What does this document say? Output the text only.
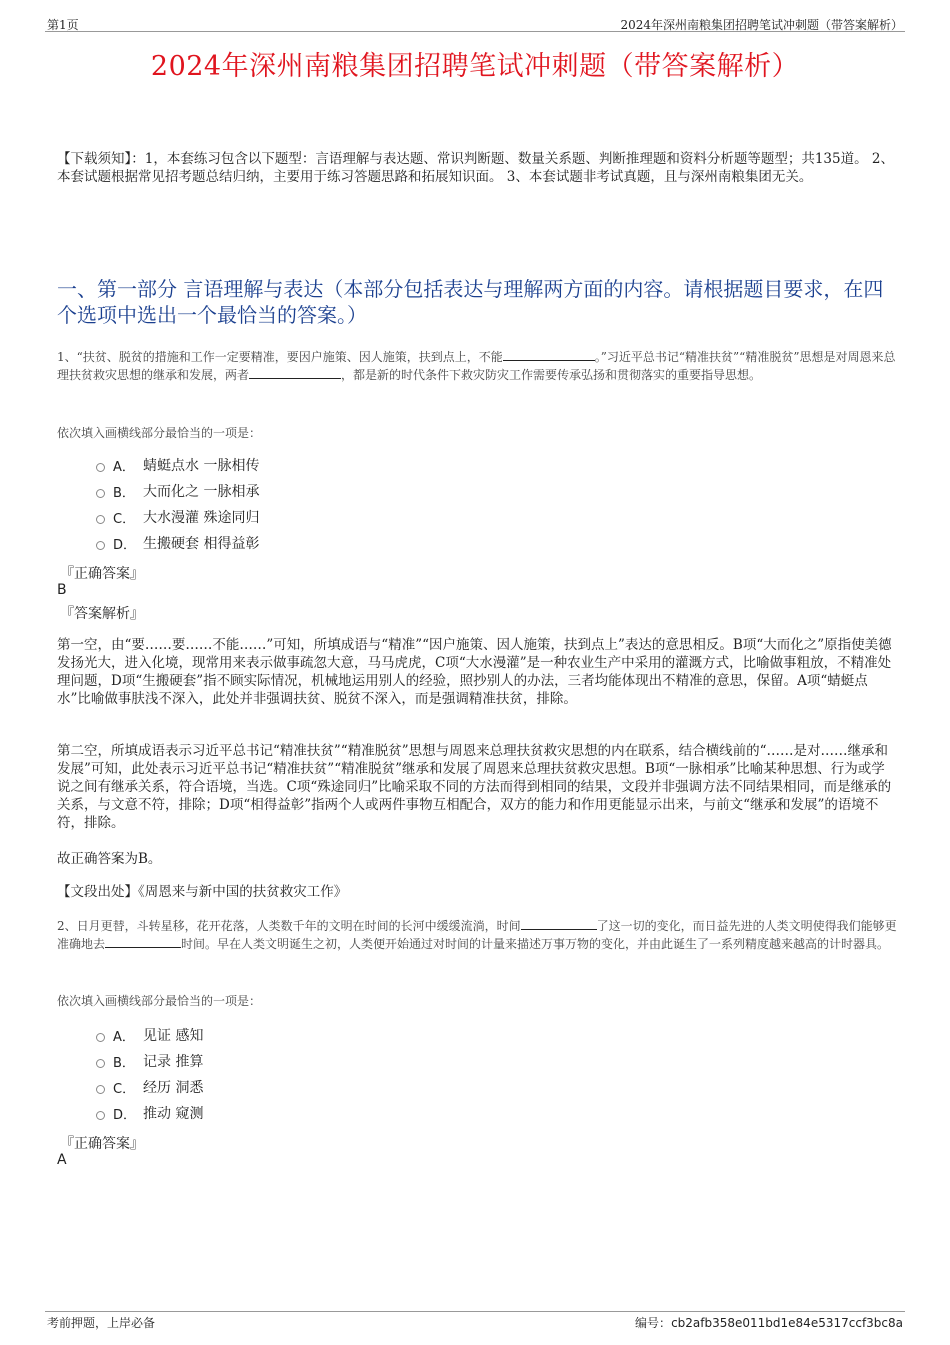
第1页	2024年深州南粮集团招聘笔试冲刺题（带答案解析）
2024年深州南粮集团招聘笔试冲刺题（带答案解析）
【下载须知】：1，本套练习包含以下题型：言语理解与表达题、常识判断题、数量关系题、判断推理题和资料分析题等题型；共135道。 2、本套试题根据常见招考题总结归纳，主要用于练习答题思路和拓展知识面。 3、本套试题非考试真题，且与深州南粮集团无关。
一、第一部分 言语理解与表达（本部分包括表达与理解两方面的内容。请根据题目要求，在四个选项中选出一个最恰当的答案。）
1、“扶贫、脱贫的措施和工作一定要精准，要因户施策、因人施策，扶到点上，不能	。”习近平总书记“精准扶贫”“精准脱贫”思想是对周恩来总理扶贫救灾思想的继承和发展，两者	，都是新的时代条件下救灾防灾工作需要传承弘扬和贯彻落实的重要指导思想。
依次填入画横线部分最恰当的一项是：
A． 蜻蜓点水 一脉相传
B． 大而化之 一脉相承
C． 大水漫灌 殊途同归
D． 生搬硬套 相得益彰
『正确答案』
B
『答案解析』
第一空，由“要……要……不能……”可知，所填成语与“精准”“因户施策、因人施策，扶到点上”表达的意思相反。B项“大而化之”原指使美德发扬光大，进入化境，现常用来表示做事疏忽大意，马马虎虎，C项“大水漫灌”是一种农业生产中采用的灌溉方式，比喻做事粗放，不精准处理问题，D项“生搬硬套”指不顾实际情况，机械地运用别人的经验，照抄别人的办法，三者均能体现出不精准的意思，保留。A项“蜻蜓点水”比喻做事肤浅不深入，此处并非强调扶贫、脱贫不深入，而是强调精准扶贫，排除。
第二空，所填成语表示习近平总书记“精准扶贫”“精准脱贫”思想与周恩来总理扶贫救灾思想的内在联系，结合横线前的“……是对……继承和发展”可知，此处表示习近平总书记“精准扶贫”“精准脱贫”继承和发展了周恩来总理扶贫救灾思想。B项“一脉相承”比喻某种思想、行为或学说之间有继承关系，符合语境，当选。C项“殊途同归”比喻采取不同的方法而得到相同的结果，文段并非强调方法不同结果相同，而是继承的关系，与文意不符，排除；D项“相得益彰”指两个人或两件事物互相配合，双方的能力和作用更能显示出来，与前文“继承和发展”的语境不符，排除。
故正确答案为B。
【文段出处】《周恩来与新中国的扶贫救灾工作》
2、日月更替，斗转星移，花开花落，人类数千年的文明在时间的长河中缓缓流淌，时间	了这一切的变化，而日益先进的人类文明使得我们能够更准确地去	时间。早在人类文明诞生之初，人类便开始通过对时间的计量来描述万事万物的变化，并由此诞生了一系列精度越来越高的计时器具。
依次填入画横线部分最恰当的一项是：
A． 见证 感知
B． 记录 推算
C． 经历 洞悉
D． 推动 窥测
『正确答案』
A
考前押题，上岸必备	编号：cb2afb358e011bd1e84e5317ccf3bc8a
